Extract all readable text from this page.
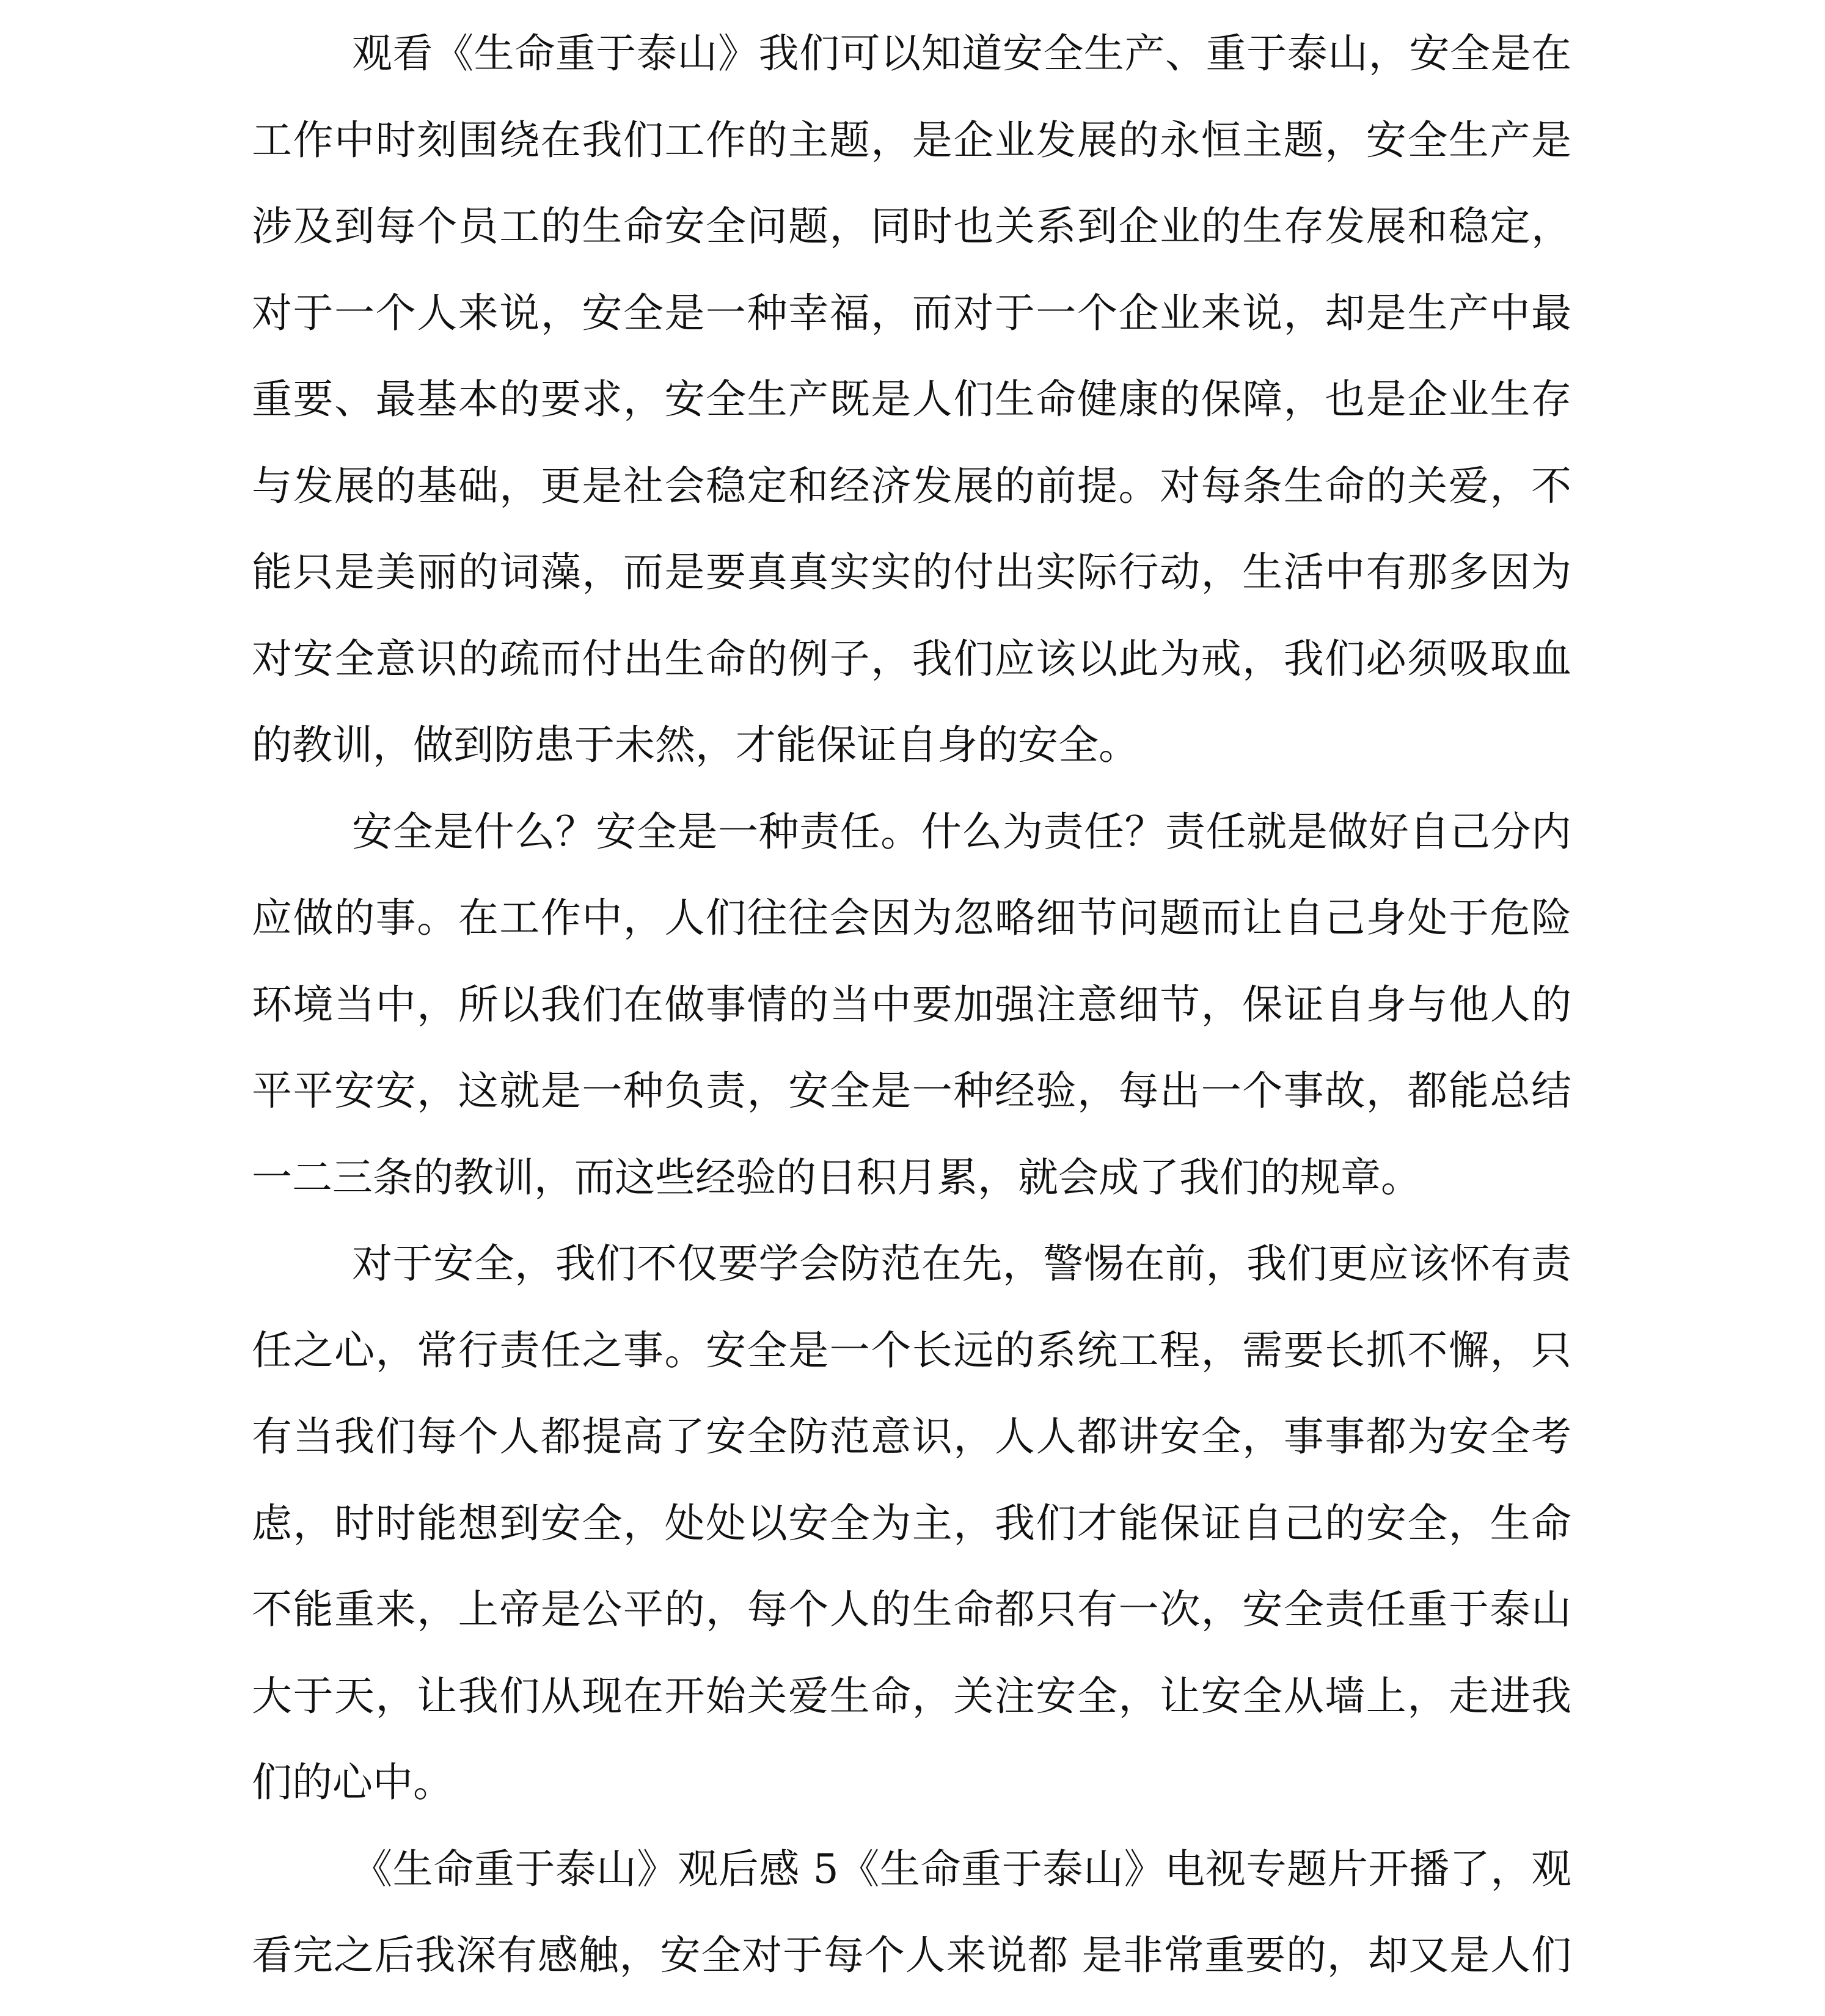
观看《生命重于泰山》我们可以知道安全生产、重于泰山，安全是在
工作中时刻围绕在我们工作的主题，是企业发展的永恒主题，安全生产是
涉及到每个员工的生命安全问题，同时也关系到企业的生存发展和稳定，
对于一个人来说，安全是一种幸福，而对于一个企业来说，却是生产中最
重要、最基本的要求，安全生产既是人们生命健康的保障，也是企业生存
与发展的基础，更是社会稳定和经济发展的前提。对每条生命的关爱，不
能只是美丽的词藻，而是要真真实实的付出实际行动，生活中有那多因为
对安全意识的疏而付出生命的例子，我们应该以此为戒，我们必须吸取血
的教训，做到防患于未然，才能保证自身的安全。
安全是什么？安全是一种责任。什么为责任？责任就是做好自己分内
应做的事。在工作中，人们往往会因为忽略细节问题而让自己身处于危险
环境当中，所以我们在做事情的当中要加强注意细节，保证自身与他人的
平平安安，这就是一种负责，安全是一种经验，每出一个事故，都能总结
一二三条的教训，而这些经验的日积月累，就会成了我们的规章。
对于安全，我们不仅要学会防范在先，警惕在前，我们更应该怀有责
任之心，常行责任之事。安全是一个长远的系统工程，需要长抓不懈，只
有当我们每个人都提高了安全防范意识，人人都讲安全，事事都为安全考
虑，时时能想到安全，处处以安全为主，我们才能保证自己的安全，生命
不能重来，上帝是公平的，每个人的生命都只有一次，安全责任重于泰山
大于天，让我们从现在开始关爱生命，关注安全，让安全从墙上，走进我
们的心中。
《生命重于泰山》观后感 5《生命重于泰山》电视专题片开播了，观
看完之后我深有感触，安全对于每个人来说都 是非常重要的，却又是人们
